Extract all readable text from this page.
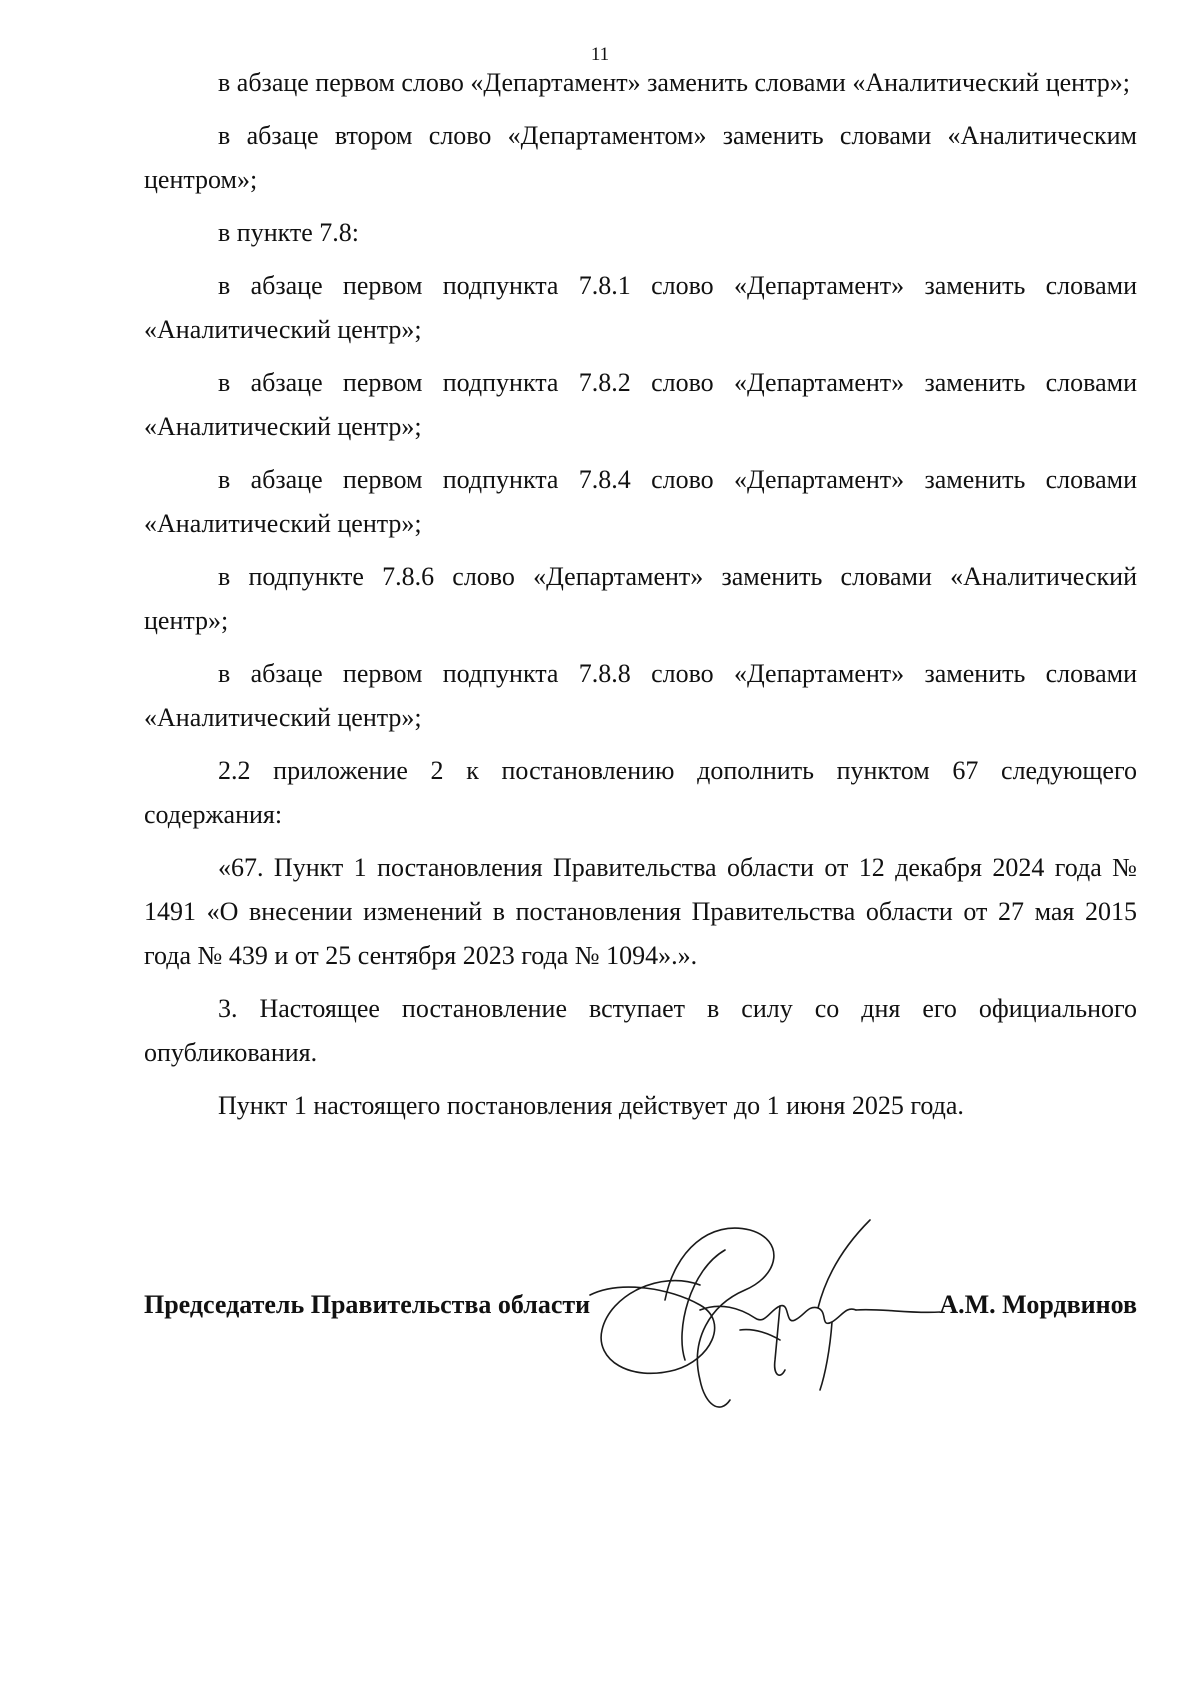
11

в абзаце первом слово «Департамент» заменить словами «Аналитический центр»;

в абзаце втором слово «Департаментом» заменить словами «Аналитическим центром»;

в пункте 7.8:

в абзаце первом подпункта 7.8.1 слово «Департамент» заменить словами «Аналитический центр»;

в абзаце первом подпункта 7.8.2 слово «Департамент» заменить словами «Аналитический центр»;

в абзаце первом подпункта 7.8.4 слово «Департамент» заменить словами «Аналитический центр»;

в подпункте 7.8.6 слово «Департамент» заменить словами «Аналитический центр»;

в абзаце первом подпункта 7.8.8 слово «Департамент» заменить словами «Аналитический центр»;

2.2 приложение 2 к постановлению дополнить пунктом 67 следующего содержания:

«67. Пункт 1 постановления Правительства области от 12 декабря 2024 года № 1491 «О внесении изменений в постановления Правительства области от 27 мая 2015 года № 439 и от 25 сентября 2023 года № 1094».».

3. Настоящее постановление вступает в силу со дня его официального опубликования.

Пункт 1 настоящего постановления действует до 1 июня 2025 года.

Председатель Правительства области	А.М. Мордвинов
